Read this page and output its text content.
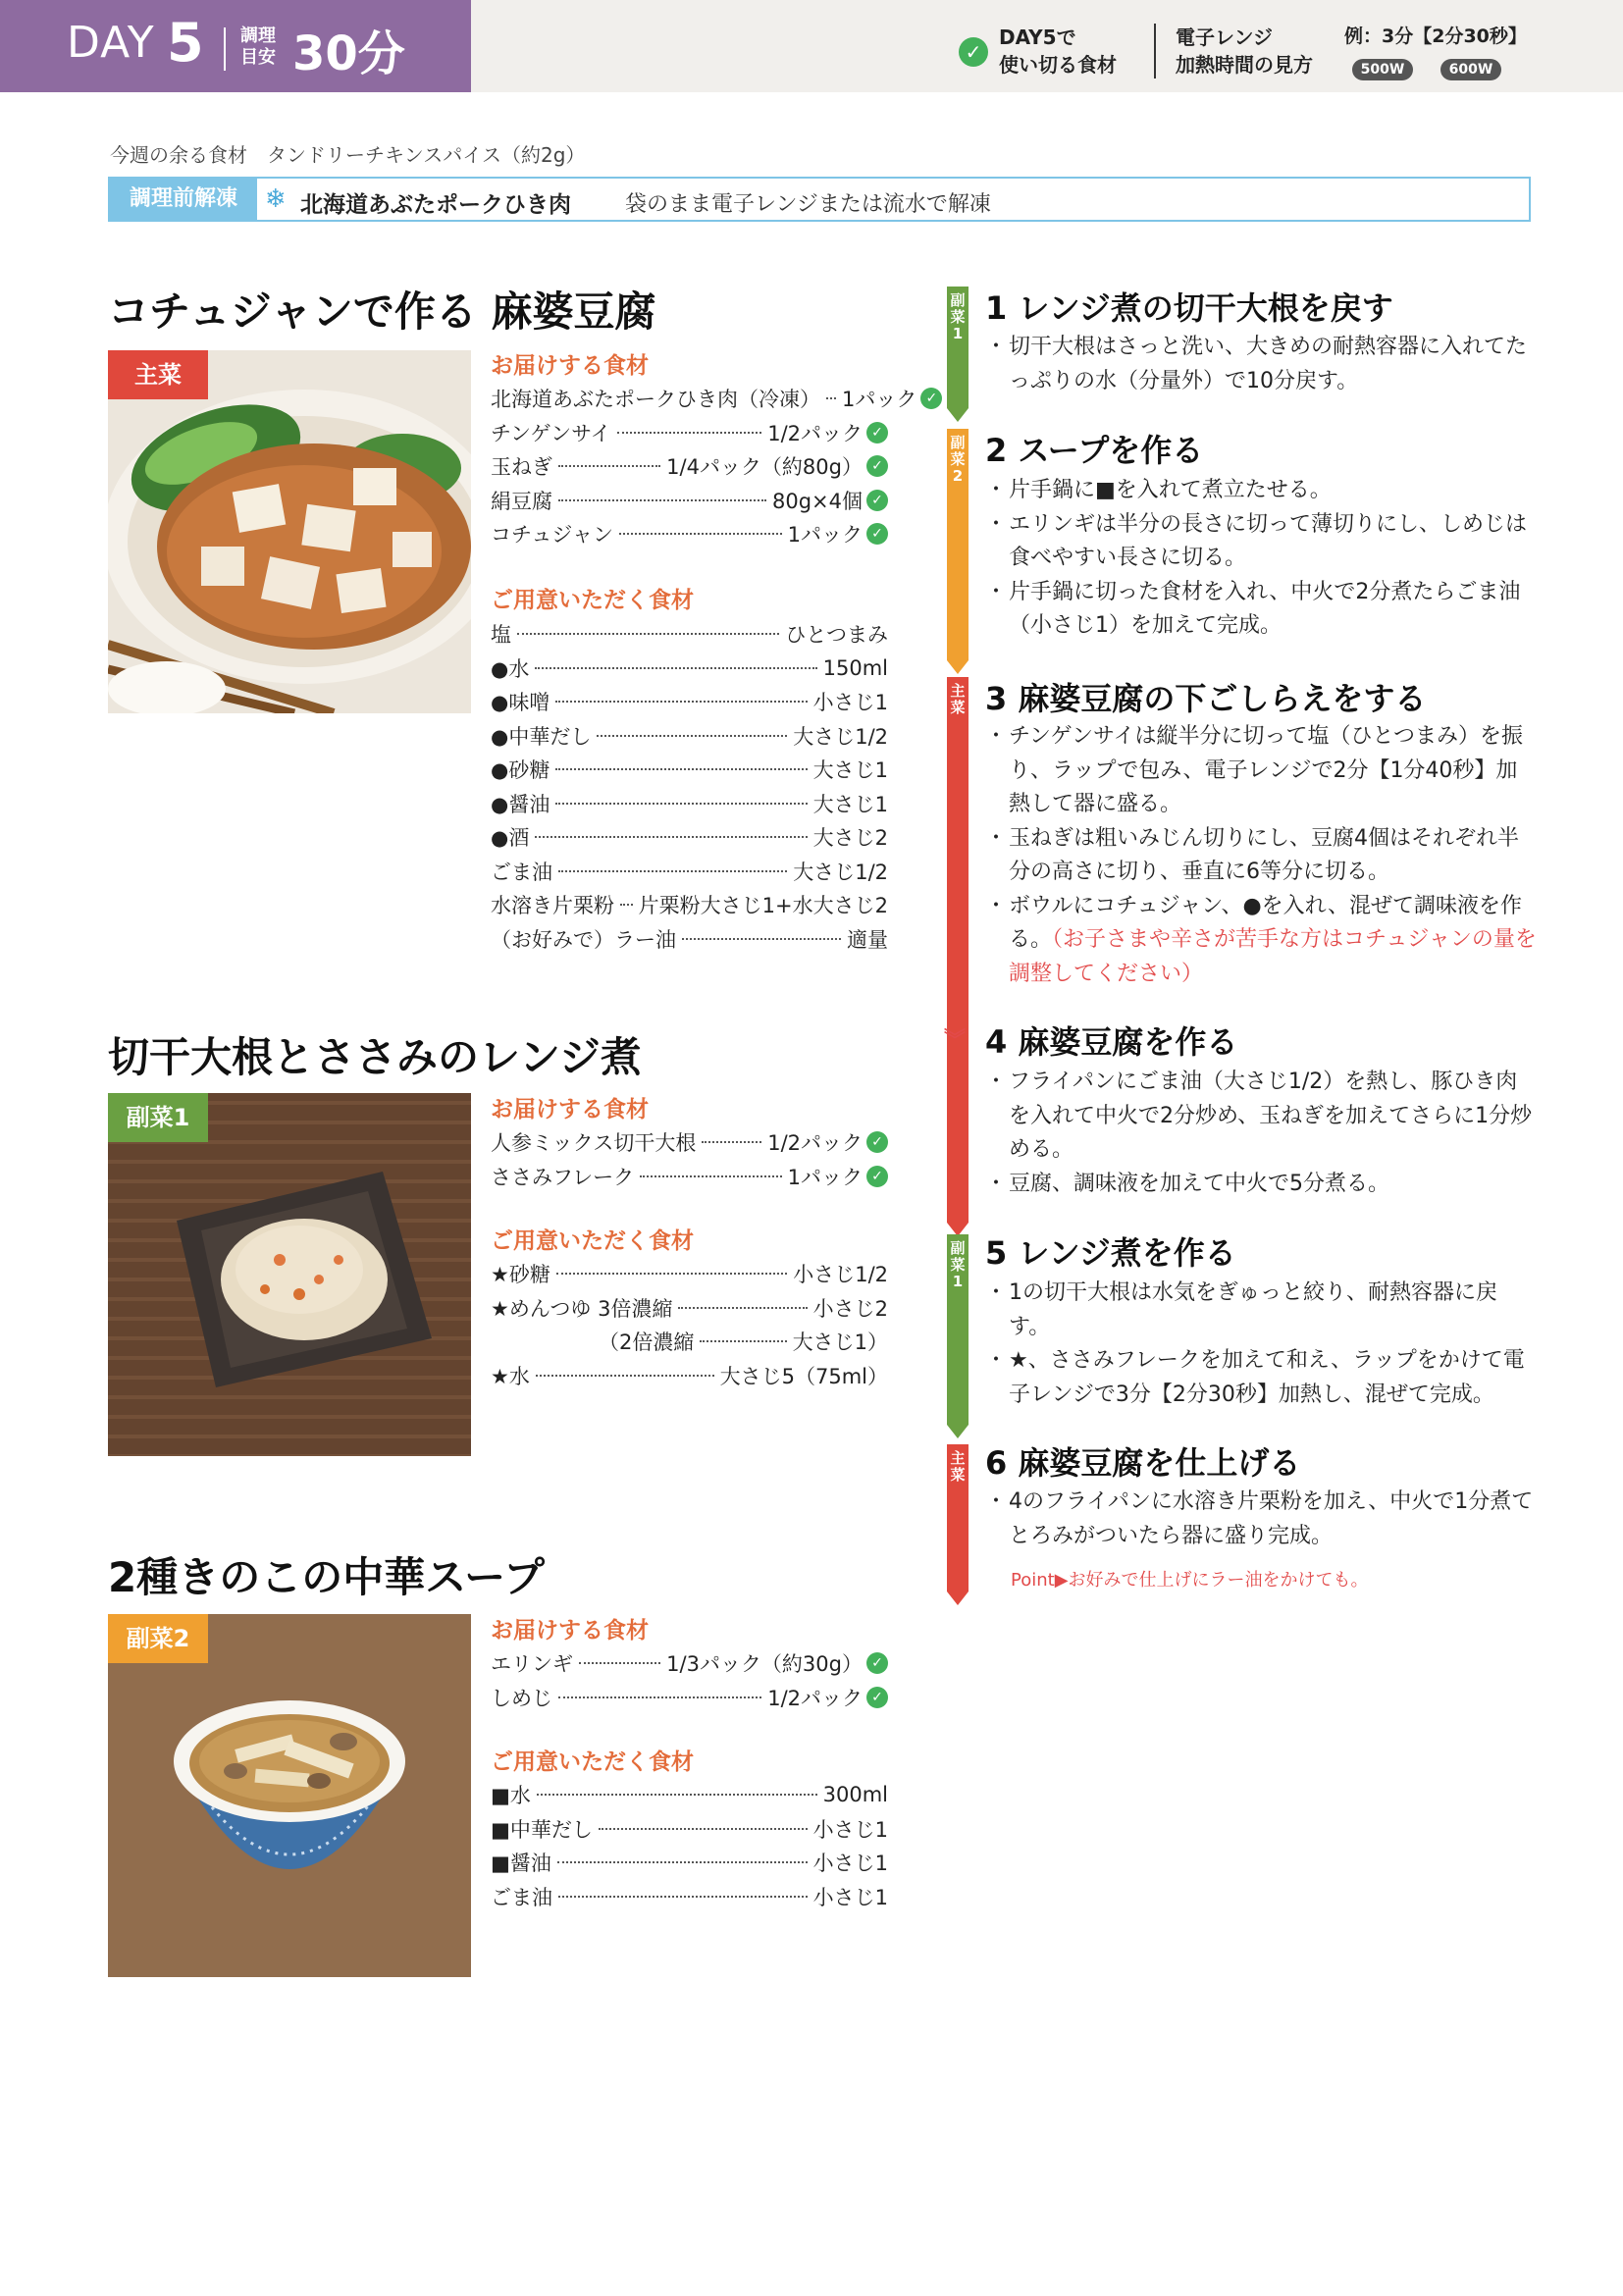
DAY 5 調理
目安 30分	✓
DAY5で
使い切る食材
電子レンジ
加熱時間の見方
例：3分【2分30秒】
500W	600W
今週の余る食材　タンドリーチキンスパイス（約2g）
調理前解凍	❄ 北海道あぶたポークひき肉	袋のまま電子レンジまたは流水で解凍
コチュジャンで作る 麻婆豆腐
主菜	お届けする食材
北海道あぶたポークひき肉（冷凍） 1パック ✓
チンゲンサイ	1/2パック ✓
玉ねぎ	1/4パック（約80g） ✓
絹豆腐	80g×4個 ✓
コチュジャン	1パック ✓
ご用意いただく食材
塩	ひとつまみ
●水	150ml
●味噌	小さじ1
●中華だし	大さじ1/2
●砂糖	大さじ1
●醤油	大さじ1
●酒	大さじ2
ごま油	大さじ1/2
水溶き片栗粉 片栗粉大さじ1+水大さじ2
（お好みで）ラー油	適量
切干大根とささみのレンジ煮
副菜1	お届けする食材
人参ミックス切干大根	1/2パック ✓
ささみフレーク	1パック ✓
ご用意いただく食材
★砂糖	小さじ1/2
★めんつゆ 3倍濃縮	小さじ2
（2倍濃縮	大さじ1）
★水	大さじ5（75ml）
2種きのこの中華スープ
副菜2	お届けする食材
エリンギ	1/3パック（約30g） ✓
しめじ	1/2パック ✓
ご用意いただく食材
■水	300ml
■中華だし	小さじ1
■醤油	小さじ1
ごま油	小さじ1
副
菜
1
1 レンジ煮の切干大根を戻す
・ 切干大根はさっと洗い、大きめの耐熱容器に入れてたっぷりの水（分量外）で10分戻す。
副
菜
2
2 スープを作る
・ 片手鍋に■を入れて煮立たせる。
・ エリンギは半分の長さに切って薄切りにし、しめじは食べやすい長さに切る。
・ 片手鍋に切った食材を入れ、中火で2分煮たらごま油（小さじ1）を加えて完成。
主
菜
︾
3 麻婆豆腐の下ごしらえをする
・ チンゲンサイは縦半分に切って塩（ひとつまみ）を振り、ラップで包み、電子レンジで2分【1分40秒】加熱して器に盛る。
・ 玉ねぎは粗いみじん切りにし、豆腐4個はそれぞれ半分の高さに切り、垂直に6等分に切る。
・ ボウルにコチュジャン、●を入れ、混ぜて調味液を作る。（お子さまや辛さが苦手な方はコチュジャンの量を調整してください）
4 麻婆豆腐を作る
・ フライパンにごま油（大さじ1/2）を熱し、豚ひき肉を入れて中火で2分炒め、玉ねぎを加えてさらに1分炒める。
・ 豆腐、調味液を加えて中火で5分煮る。
副
菜
1
5 レンジ煮を作る
・ 1の切干大根は水気をぎゅっと絞り、耐熱容器に戻す。
・ ★、ささみフレークを加えて和え、ラップをかけて電子レンジで3分【2分30秒】加熱し、混ぜて完成。
主
菜 6 麻婆豆腐を仕上げる
・ 4のフライパンに水溶き片栗粉を加え、中火で1分煮てとろみがついたら器に盛り完成。
Point▶お好みで仕上げにラー油をかけても。
